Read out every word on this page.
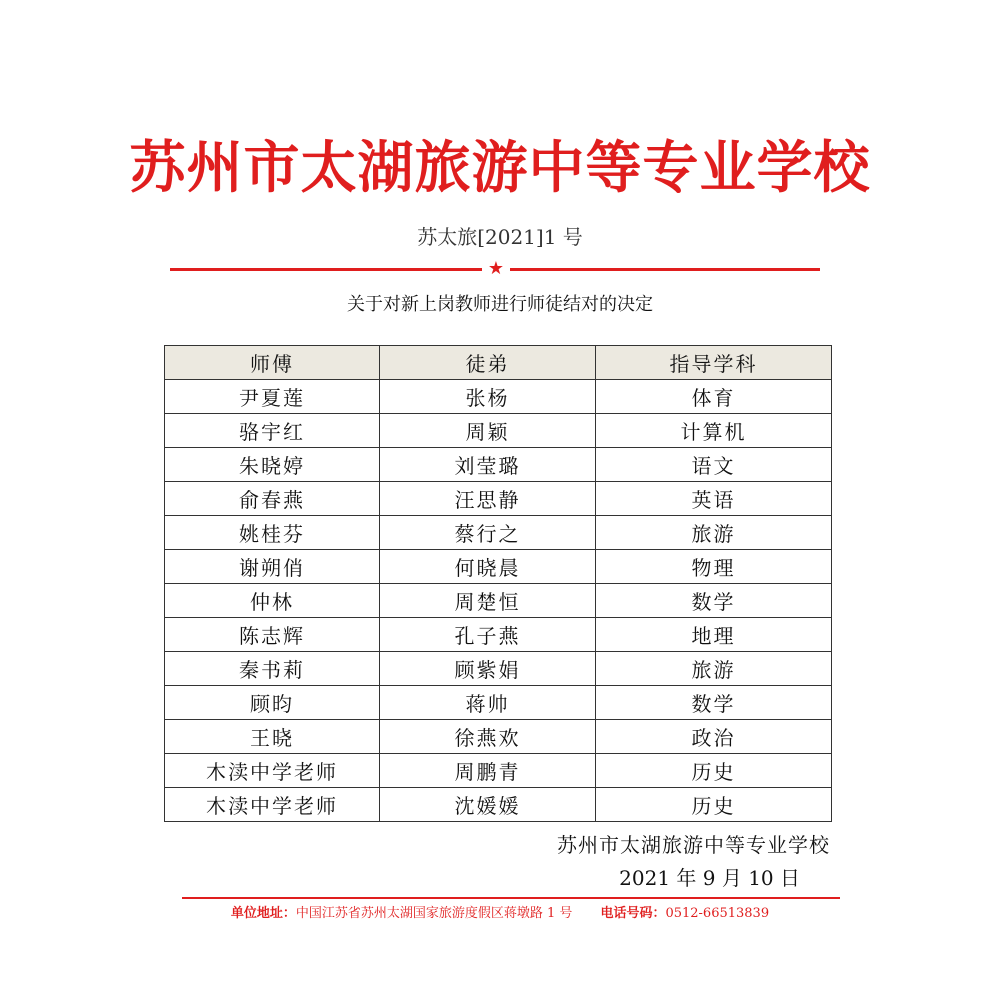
苏州市太湖旅游中等专业学校
苏太旅[2021]1 号
★
关于对新上岗教师进行师徒结对的决定
师傅	徒弟	指导学科
尹夏莲	张杨	体育
骆宇红	周颖	计算机
朱晓婷	刘莹璐	语文
俞春燕	汪思静	英语
姚桂芬	蔡行之	旅游
谢朔俏	何晓晨	物理
仲林	周楚恒	数学
陈志辉	孔子燕	地理
秦书莉	顾紫娟	旅游
顾昀	蒋帅	数学
王晓	徐燕欢	政治
木渎中学老师	周鹏青	历史
木渎中学老师	沈媛媛	历史
苏州市太湖旅游中等专业学校
2021 年 9 月 10 日
单位地址：中国江苏省苏州太湖国家旅游度假区蒋墩路 1 号 电话号码：0512-66513839
